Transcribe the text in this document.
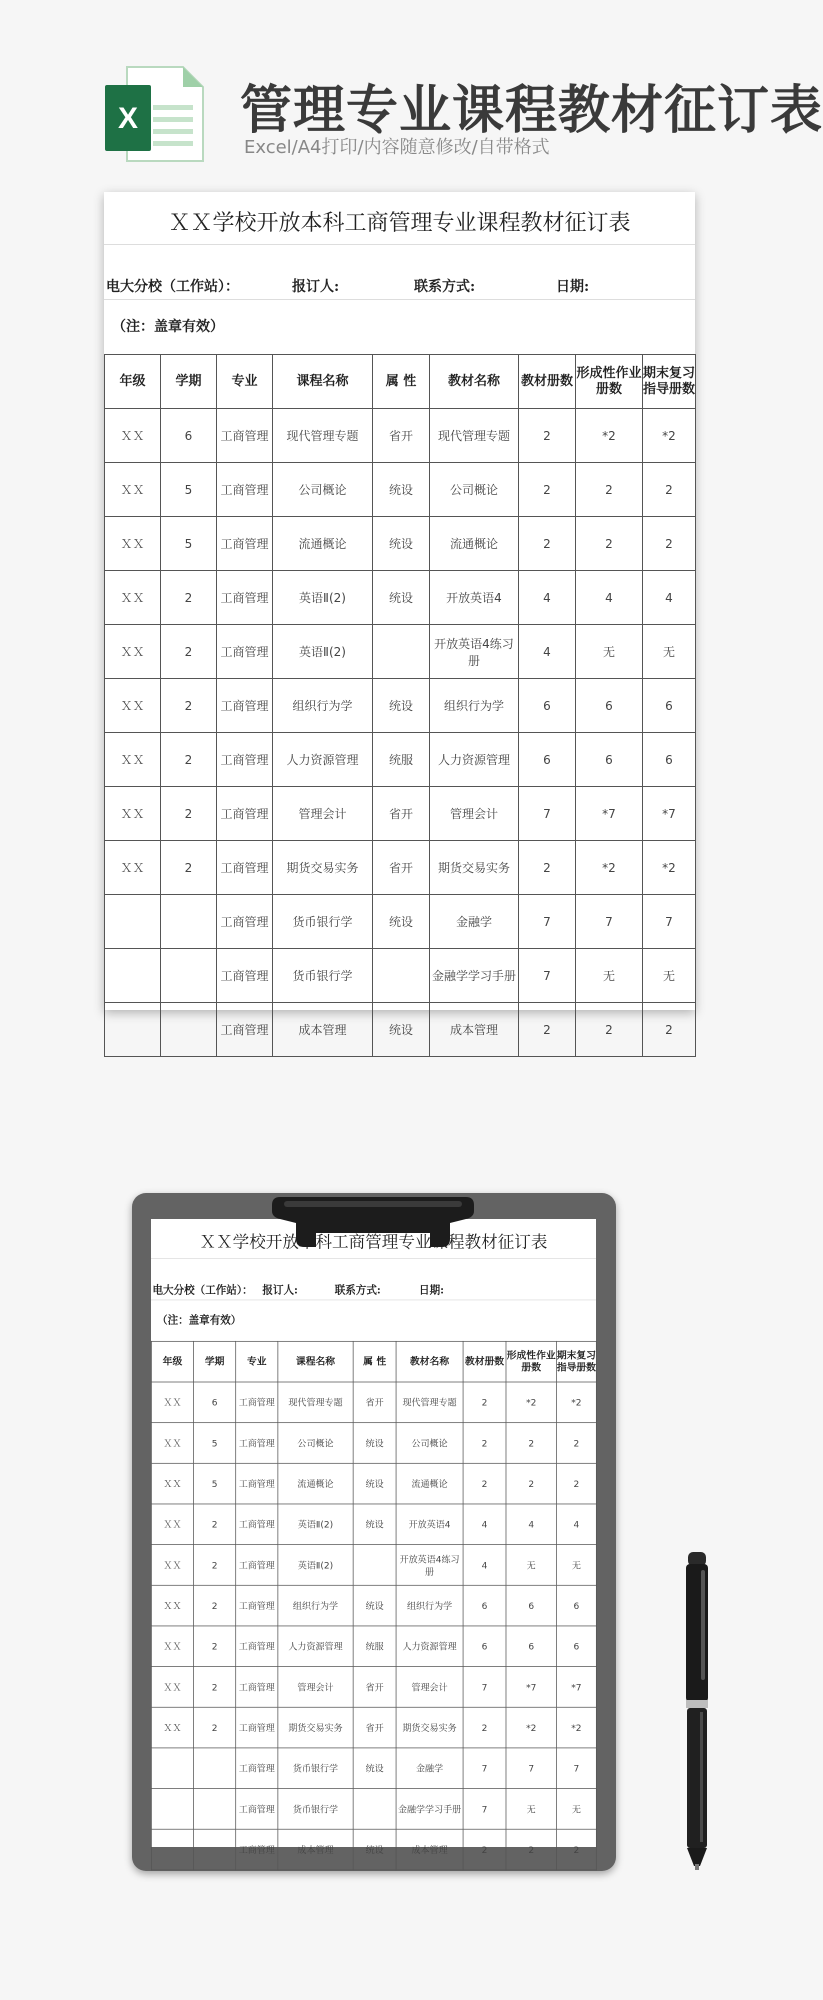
X 管理专业课程教材征订表
Excel/A4打印/内容随意修改/自带格式
ＸＸ学校开放本科工商管理专业课程教材征订表
电大分校（工作站）：	报订人:	联系方式:	日期:
（注：盖章有效）
年级	学期	专业	课程名称	属 性	教材名称	教材册数	形成性作业册数	期末复习指导册数
ＸＸ	6	工商管理	现代管理专题	省开	现代管理专题	2	*2	*2
ＸＸ	5	工商管理	公司概论	统设	公司概论	2	2	2
ＸＸ	5	工商管理	流通概论	统设	流通概论	2	2	2
ＸＸ	2	工商管理	英语Ⅱ(2)	统设	开放英语4	4	4	4
ＸＸ	2	工商管理	英语Ⅱ(2)		开放英语4练习册	4	无	无
ＸＸ	2	工商管理	组织行为学	统设	组织行为学	6	6	6
ＸＸ	2	工商管理	人力资源管理	统服	人力资源管理	6	6	6
ＸＸ	2	工商管理	管理会计	省开	管理会计	7	*7	*7
ＸＸ	2	工商管理	期货交易实务	省开	期货交易实务	2	*2	*2
		工商管理	货币银行学	统设	金融学	7	7	7
		工商管理	货币银行学		金融学学习手册	7	无	无
		工商管理	成本管理	统设	成本管理	2	2	2
ＸＸ学校开放本科工商管理专业课程教材征订表
电大分校（工作站）： 报订人:	联系方式:	日期:
（注：盖章有效）
年级	学期	专业	课程名称	属 性	教材名称	教材册数	形成性作业册数	期末复习指导册数
ＸＸ	6	工商管理	现代管理专题	省开	现代管理专题	2	*2	*2
ＸＸ	5	工商管理	公司概论	统设	公司概论	2	2	2
ＸＸ	5	工商管理	流通概论	统设	流通概论	2	2	2
ＸＸ	2	工商管理	英语Ⅱ(2)	统设	开放英语4	4	4	4
ＸＸ	2	工商管理	英语Ⅱ(2)		开放英语4练习册	4	无	无
ＸＸ	2	工商管理	组织行为学	统设	组织行为学	6	6	6
ＸＸ	2	工商管理	人力资源管理	统服	人力资源管理	6	6	6
ＸＸ	2	工商管理	管理会计	省开	管理会计	7	*7	*7
ＸＸ	2	工商管理	期货交易实务	省开	期货交易实务	2	*2	*2
		工商管理	货币银行学	统设	金融学	7	7	7
		工商管理	货币银行学		金融学学习手册	7	无	无
		工商管理	成本管理	统设	成本管理	2	2	2
